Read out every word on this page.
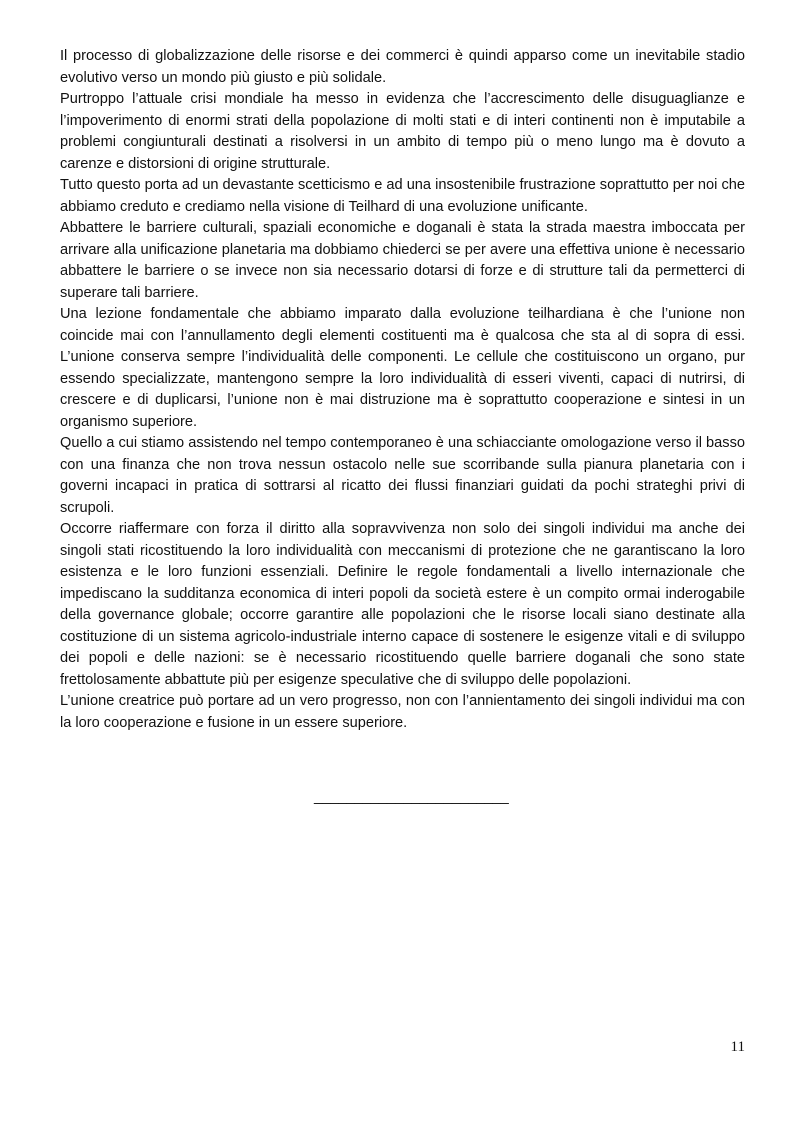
Il processo di globalizzazione delle risorse e dei commerci è quindi apparso come un inevitabile stadio evolutivo verso un mondo più giusto e più solidale.

Purtroppo l’attuale crisi mondiale ha messo in evidenza che l’accrescimento delle disuguaglianze e l’impoverimento di enormi strati della popolazione di molti stati e di interi continenti non è imputabile a problemi congiunturali destinati a risolversi in un ambito di tempo più o meno lungo ma è dovuto a carenze e distorsioni di origine strutturale.

Tutto questo porta ad un devastante scetticismo e ad una insostenibile frustrazione soprattutto per noi che abbiamo creduto e crediamo nella visione di Teilhard di una evoluzione unificante.

Abbattere le barriere culturali, spaziali economiche e doganali è stata la strada maestra imboccata per arrivare alla unificazione planetaria ma dobbiamo chiederci se per avere una effettiva unione è necessario abbattere le barriere o se invece non sia necessario dotarsi di forze e di strutture tali da permetterci di superare tali barriere.

Una lezione fondamentale che abbiamo imparato dalla evoluzione teilhardiana è che l’unione non coincide mai con l’annullamento degli elementi costituenti ma è qualcosa che sta al di sopra di essi. L’unione conserva sempre l’individualità delle componenti. Le cellule che costituiscono un organo, pur essendo specializzate, mantengono sempre la loro individualità di esseri viventi, capaci di nutrirsi, di crescere e di duplicarsi, l’unione non è mai distruzione ma è soprattutto cooperazione e sintesi in un organismo superiore.

Quello a cui stiamo assistendo nel tempo contemporaneo è una schiacciante omologazione verso il basso con una finanza che non trova nessun ostacolo nelle sue scorribande sulla pianura planetaria con i governi incapaci in pratica di sottrarsi al ricatto dei flussi finanziari guidati da pochi strateghi privi di scrupoli.

Occorre riaffermare con forza il diritto alla sopravvivenza non solo dei singoli individui ma anche dei singoli stati ricostituendo la loro individualità con meccanismi di protezione che ne garantiscano la loro esistenza e le loro funzioni essenziali. Definire le regole fondamentali a livello internazionale che impediscano la sudditanza economica di interi popoli da società estere è un compito ormai inderogabile della governance globale; occorre garantire alle popolazioni che le risorse locali siano destinate alla costituzione di un sistema agricolo-industriale interno capace di sostenere le esigenze vitali e di sviluppo dei popoli e delle nazioni: se è necessario ricostituendo quelle barriere doganali che sono state frettolosamente abbattute più per esigenze speculative che di sviluppo delle popolazioni.

L’unione creatrice può portare ad un vero progresso, non con l’annientamento dei singoli individui ma con la loro cooperazione e fusione in un essere superiore.

________________________
11
